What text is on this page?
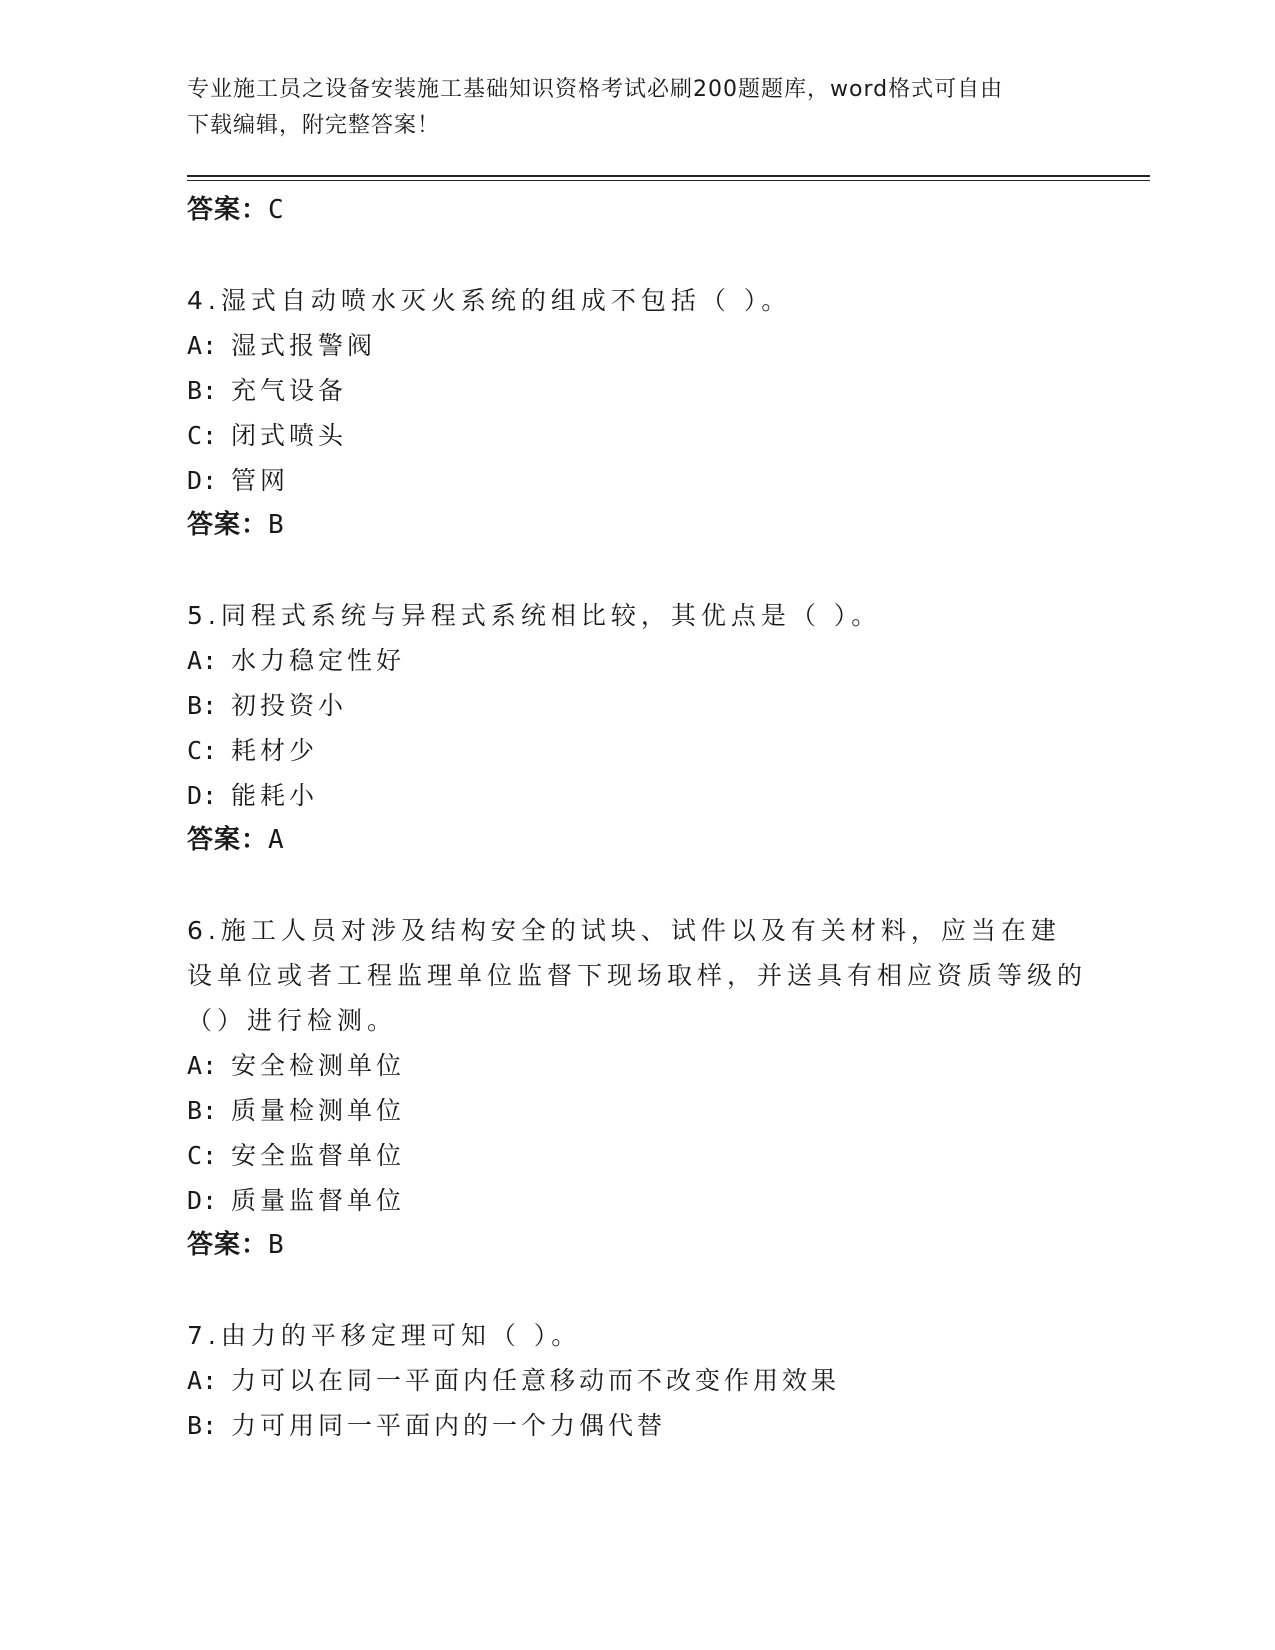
专业施工员之设备安装施工基础知识资格考试必刷200题题库，word格式可自由
下载编辑，附完整答案！
答案：C
4.湿式自动喷水灭火系统的组成不包括（ ）。
A: 湿式报警阀
B: 充气设备
C: 闭式喷头
D: 管网
答案：B
5.同程式系统与异程式系统相比较，其优点是（ ）。
A: 水力稳定性好
B: 初投资小
C: 耗材少
D: 能耗小
答案：A
6.施工人员对涉及结构安全的试块、试件以及有关材料，应当在建设单位或者工程监理单位监督下现场取样，并送具有相应资质等级的（）进行检测。
A: 安全检测单位
B: 质量检测单位
C: 安全监督单位
D: 质量监督单位
答案：B
7.由力的平移定理可知（ ）。
A: 力可以在同一平面内任意移动而不改变作用效果
B: 力可用同一平面内的一个力偶代替
